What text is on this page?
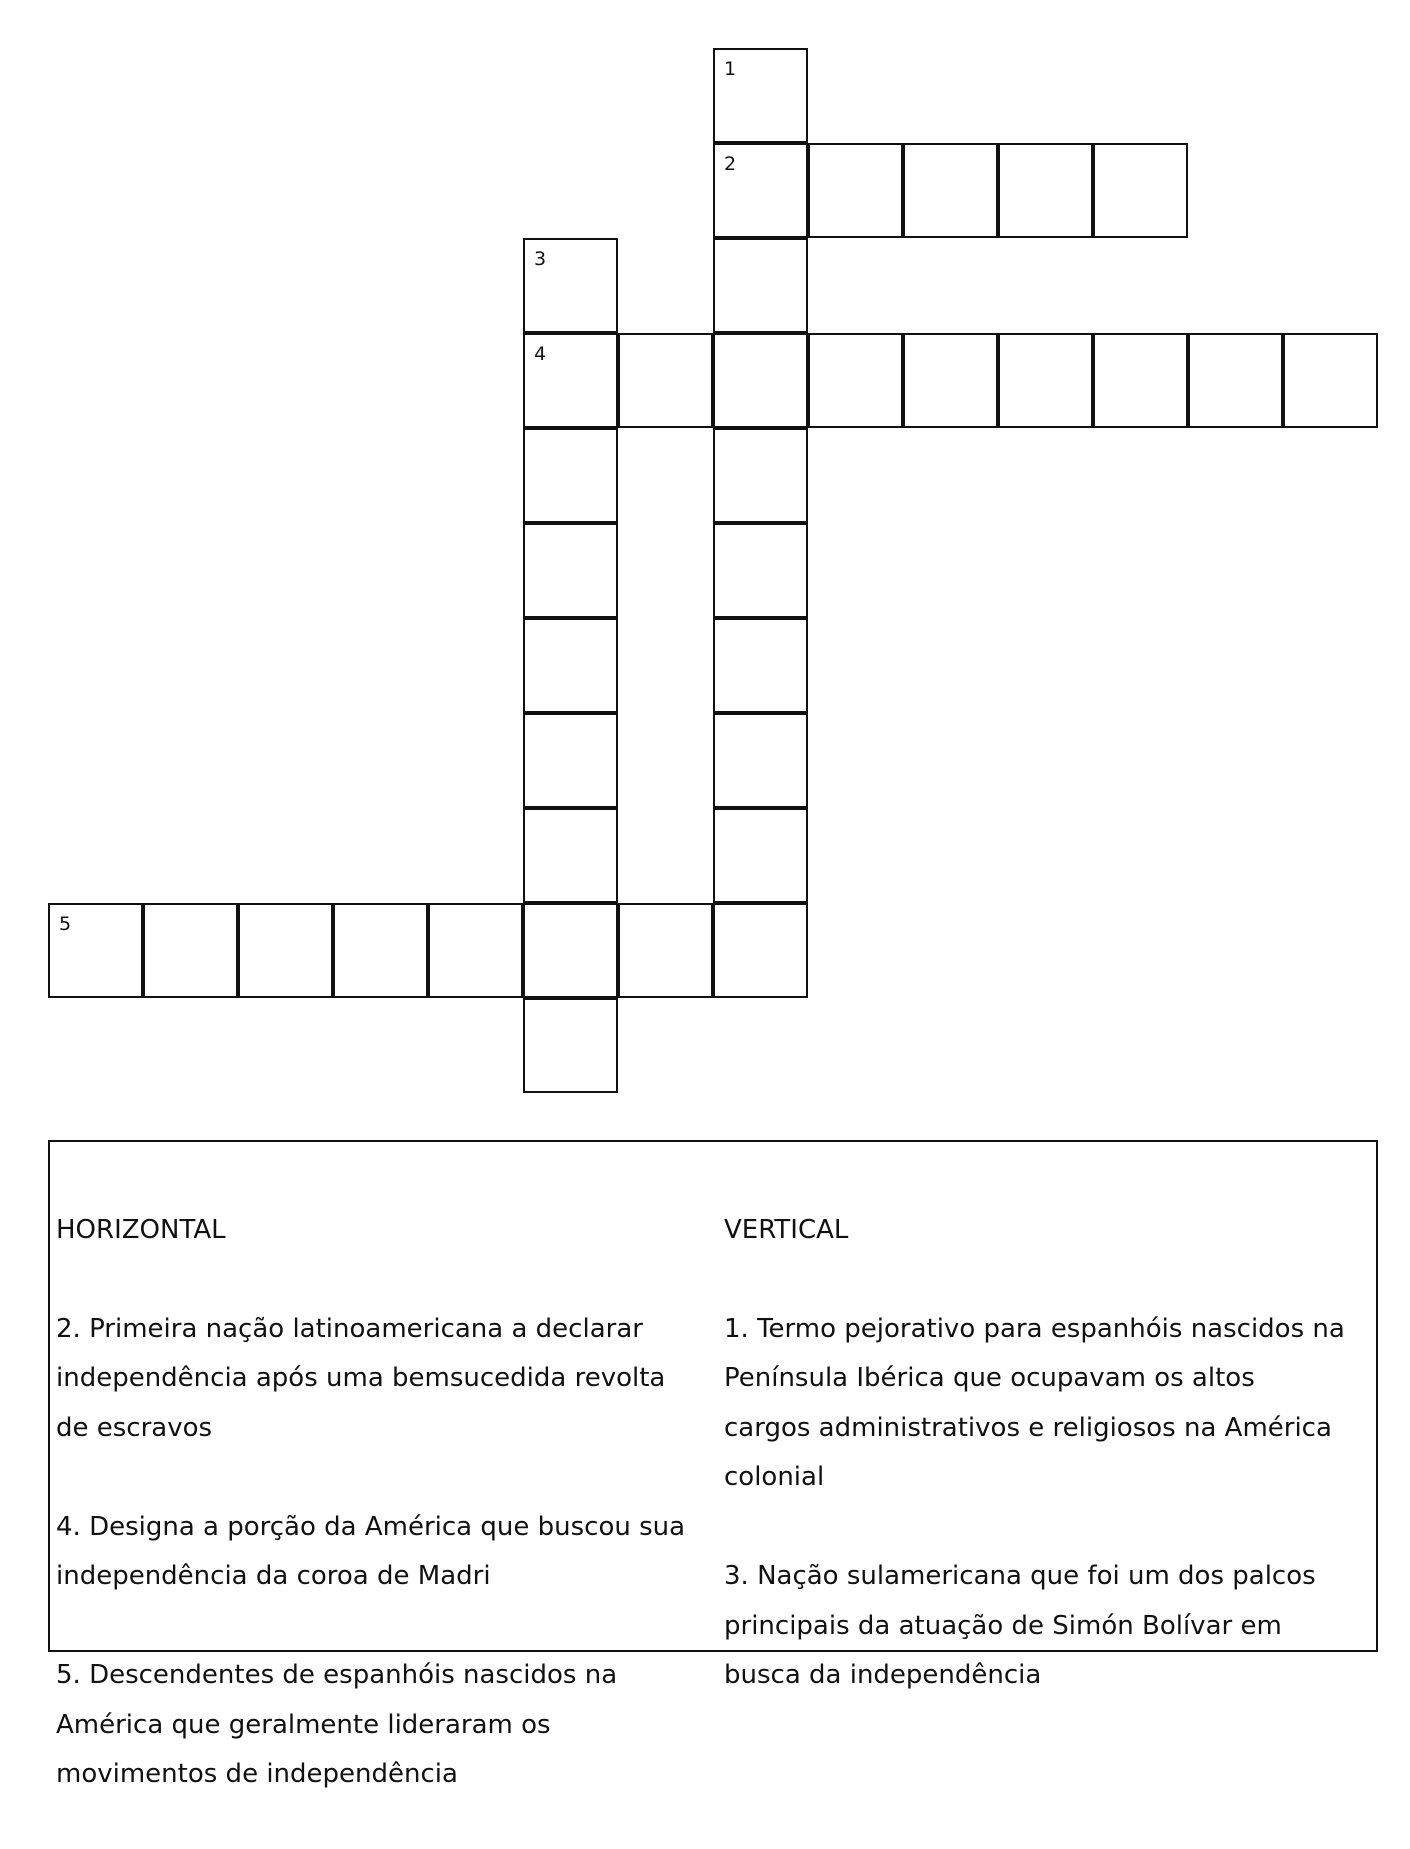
1
2
3
4
5

HORIZONTAL

2. Primeira nação latinoamericana a declarar
independência após uma bemsucedida revolta
de escravos

4. Designa a porção da América que buscou sua
independência da coroa de Madri

5. Descendentes de espanhóis nascidos na
América que geralmente lideraram os
movimentos de independência

VERTICAL

1. Termo pejorativo para espanhóis nascidos na
Península Ibérica que ocupavam os altos
cargos administrativos e religiosos na América
colonial

3. Nação sulamericana que foi um dos palcos
principais da atuação de Simón Bolívar em
busca da independência
